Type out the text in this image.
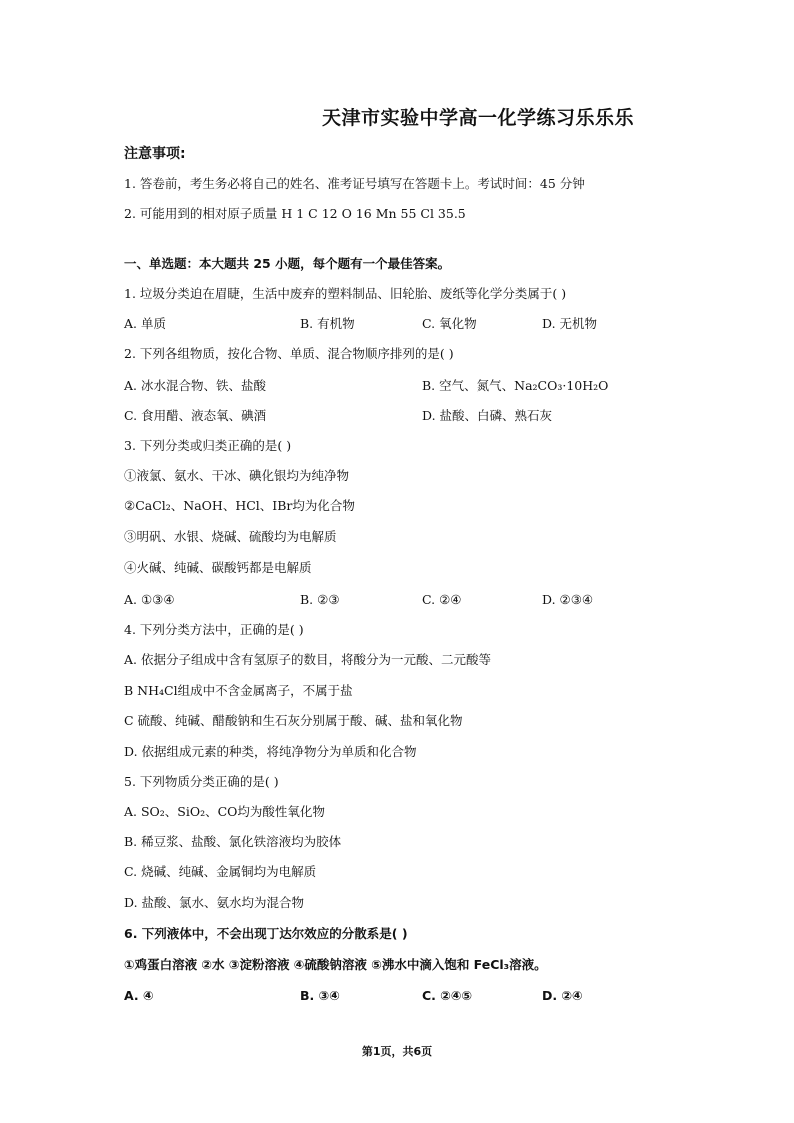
天津市实验中学高一化学练习乐乐乐
注意事项:
1. 答卷前，考生务必将自己的姓名、准考证号填写在答题卡上。考试时间：45 分钟
2. 可能用到的相对原子质量 H 1 C 12 O 16 Mn 55 Cl 35.5
一、单选题：本大题共 25 小题，每个题有一个最佳答案。
1. 垃圾分类迫在眉睫，生活中废弃的塑料制品、旧轮胎、废纸等化学分类属于( )
A. 单质	B. 有机物	C. 氧化物	D. 无机物
2. 下列各组物质，按化合物、单质、混合物顺序排列的是( )
A. 冰水混合物、铁、盐酸	B. 空气、氮气、Na₂CO₃·10H₂O
C. 食用醋、液态氧、碘酒	D. 盐酸、白磷、熟石灰
3. 下列分类或归类正确的是( )
①液氯、氨水、干冰、碘化银均为纯净物
②CaCl₂、NaOH、HCl、IBr均为化合物
③明矾、水银、烧碱、硫酸均为电解质
④火碱、纯碱、碳酸钙都是电解质
A. ①③④	B. ②③	C. ②④	D. ②③④
4. 下列分类方法中，正确的是( )
A. 依据分子组成中含有氢原子的数目，将酸分为一元酸、二元酸等
B NH₄Cl组成中不含金属离子，不属于盐
C 硫酸、纯碱、醋酸钠和生石灰分别属于酸、碱、盐和氧化物
D. 依据组成元素的种类，将纯净物分为单质和化合物
5. 下列物质分类正确的是( )
A. SO₂、SiO₂、CO均为酸性氧化物
B. 稀豆浆、盐酸、氯化铁溶液均为胶体
C. 烧碱、纯碱、金属铜均为电解质
D. 盐酸、氯水、氨水均为混合物
6. 下列液体中，不会出现丁达尔效应的分散系是( )
①鸡蛋白溶液 ②水 ③淀粉溶液 ④硫酸钠溶液 ⑤沸水中滴入饱和 FeCl₃溶液。
A. ④	B. ③④	C. ②④⑤	D. ②④
第1页，共6页
